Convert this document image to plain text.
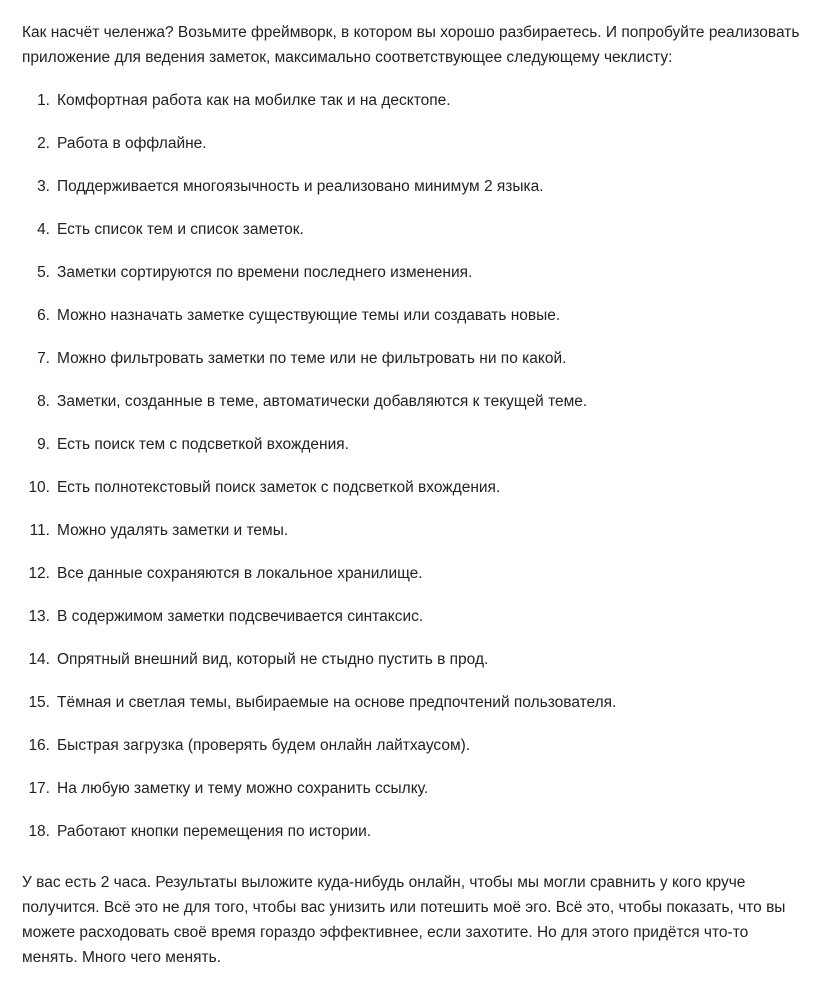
Как насчёт челенжа? Возьмите фреймворк, в котором вы хорошо разбираетесь. И попробуйте реализовать приложение для ведения заметок, максимально соответствующее следующему чеклисту:

1. Комфортная работа как на мобилке так и на десктопе.
2. Работа в оффлайне.
3. Поддерживается многоязычность и реализовано минимум 2 языка.
4. Есть список тем и список заметок.
5. Заметки сортируются по времени последнего изменения.
6. Можно назначать заметке существующие темы или создавать новые.
7. Можно фильтровать заметки по теме или не фильтровать ни по какой.
8. Заметки, созданные в теме, автоматически добавляются к текущей теме.
9. Есть поиск тем с подсветкой вхождения.
10. Есть полнотекстовый поиск заметок с подсветкой вхождения.
11. Можно удалять заметки и темы.
12. Все данные сохраняются в локальное хранилище.
13. В содержимом заметки подсвечивается синтаксис.
14. Опрятный внешний вид, который не стыдно пустить в прод.
15. Тёмная и светлая темы, выбираемые на основе предпочтений пользователя.
16. Быстрая загрузка (проверять будем онлайн лайтхаусом).
17. На любую заметку и тему можно сохранить ссылку.
18. Работают кнопки перемещения по истории.

У вас есть 2 часа. Результаты выложите куда-нибудь онлайн, чтобы мы могли сравнить у кого круче получится. Всё это не для того, чтобы вас унизить или потешить моё эго. Всё это, чтобы показать, что вы можете расходовать своё время гораздо эффективнее, если захотите. Но для этого придётся что-то менять. Много чего менять.
